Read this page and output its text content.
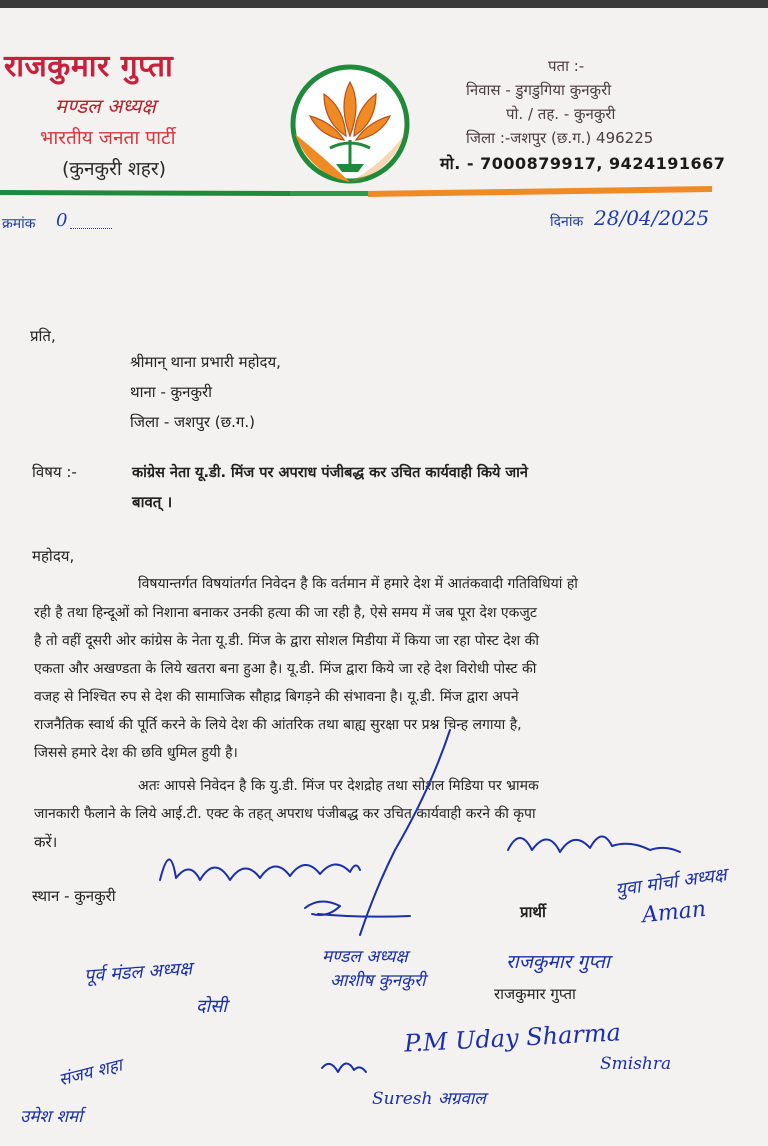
राजकुमार गुप्ता
मण्डल अध्यक्ष
भारतीय जनता पार्टी
(कुनकुरी शहर)
पता :-
निवास - डुगडुगिया कुनकुरी
पो. / तह. - कुनकुरी
जिला :-जशपुर (छ.ग.) 496225
मो. - 7000879917, 9424191667
क्रमांक 0	दिनांक 28/04/2025
प्रति,
श्रीमान् थाना प्रभारी महोदय,
थाना - कुनकुरी
जिला - जशपुर (छ.ग.)
विषय :-	कांग्रेस नेता यू.डी. मिंज पर अपराध पंजीबद्ध कर उचित कार्यवाही किये जाने
बावत् ।
महोदय,
विषयान्तर्गत विषयांतर्गत निवेदन है कि वर्तमान में हमारे देश में आतंकवादी गतिविधियां हो
रही है तथा हिन्दूओं को निशाना बनाकर उनकी हत्या की जा रही है, ऐसे समय में जब पूरा देश एकजुट
है तो वहीं दूसरी ओर कांग्रेस के नेता यू.डी. मिंज के द्वारा सोशल मिडीया में किया जा रहा पोस्ट देश की
एकता और अखण्डता के लिये खतरा बना हुआ है। यू.डी. मिंज द्वारा किये जा रहे देश विरोधी पोस्ट की
वजह से निश्चित रुप से देश की सामाजिक सौहाद्र बिगड़ने की संभावना है। यू.डी. मिंज द्वारा अपने
राजनैतिक स्वार्थ की पूर्ति करने के लिये देश की आंतरिक तथा बाह्य सुरक्षा पर प्रश्न चिन्ह लगाया है,
जिससे हमारे देश की छवि धुमिल हुयी है।
अतः आपसे निवेदन है कि यु.डी. मिंज पर देशद्रोह तथा सोशल मिडिया पर भ्रामक
जानकारी फैलाने के लिये आई.टी. एक्ट के तहत् अपराध पंजीबद्ध कर उचित कार्यवाही करने की कृपा
करें।
स्थान - कुनकुरी
प्रार्थी
राजकुमार गुप्ता
युवा मोर्चा अध्यक्ष
Aman
मण्डल अध्यक्ष
आशीष कुनकुरी
राजकुमार गुप्ता
पूर्व मंडल अध्यक्ष
दोसी
संजय शहा
P.M Uday Sharma
Smishra
Suresh अग्रवाल
उमेश शर्मा
